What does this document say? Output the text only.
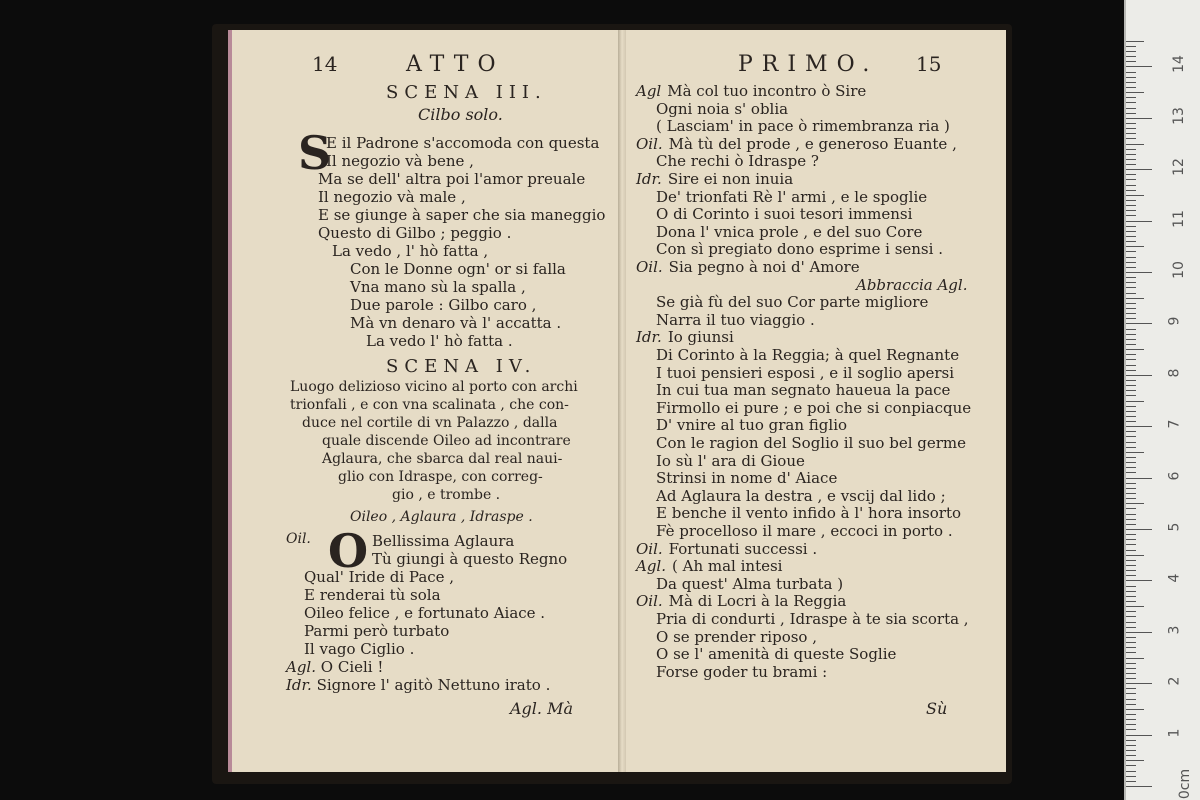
14	ATTO
SCENA III.
Cilbo solo.
S
E il Padrone s'accomoda con questa
Il negozio và bene ,
Ma se dell' altra poi l'amor preuale
Il negozio và male ,
E se giunge à saper che sia maneggio
Questo di Gilbo ; peggio .
La vedo , l' hò fatta ,
Con le Donne ogn' or si falla
Vna mano sù la spalla ,
Due parole : Gilbo caro ,
Mà vn denaro và l' accatta .
La vedo l' hò fatta .
SCENA IV.
Luogo delizioso vicino al porto con archi
trionfali , e con vna scalinata , che con-
duce nel cortile di vn Palazzo , dalla
quale discende Oileo ad incontrare
Aglaura, che sbarca dal real naui-
glio con Idraspe, con correg-
gio , e trombe .
Oileo , Aglaura , Idraspe .
Oil. O Bellissima Aglaura
Tù giungi à questo Regno
Qual' Iride di Pace ,
E renderai tù sola
Oileo felice , e fortunato Aiace .
Parmi però turbato
Il vago Ciglio .
Agl. O Cieli !
Idr. Signore l' agitò Nettuno irato .
Agl. Mà
PRIMO. 15
Agl Mà col tuo incontro ò Sire
Ogni noia s' oblia
( Lasciam' in pace ò rimembranza ria )
Oil. Mà tù del prode , e generoso Euante ,
Che rechi ò Idraspe ?
Idr. Sire ei non inuia
De' trionfati Rè l' armi , e le spoglie
O di Corinto i suoi tesori immensi
Dona l' vnica prole , e del suo Core
Con sì pregiato dono esprime i sensi .
Oil. Sia pegno à noi d' Amore
Abbraccia Agl.
Se già fù del suo Cor parte migliore
Narra il tuo viaggio .
Idr. Io giunsi
Di Corinto à la Reggia; à quel Regnante
I tuoi pensieri esposi , e il soglio apersi
In cui tua man segnato haueua la pace
Firmollo ei pure ; e poi che si conpiacque
D' vnire al tuo gran figlio
Con le ragion del Soglio il suo bel germe
Io sù l' ara di Gioue
Strinsi in nome d' Aiace
Ad Aglaura la destra , e vscij dal lido ;
E benche il vento infido à l' hora insorto
Fè procelloso il mare , eccoci in porto .
Oil. Fortunati successi .
Agl. ( Ah mal intesi
Da quest' Alma turbata )
Oil. Mà di Locri à la Reggia
Pria di condurti , Idraspe à te sia scorta ,
O se prender riposo ,
O se l' amenità di queste Soglie
Forse goder tu brami :
Sù
0cm
1
2
3
4
5
6
7
8
9
10
11
12
13
14
